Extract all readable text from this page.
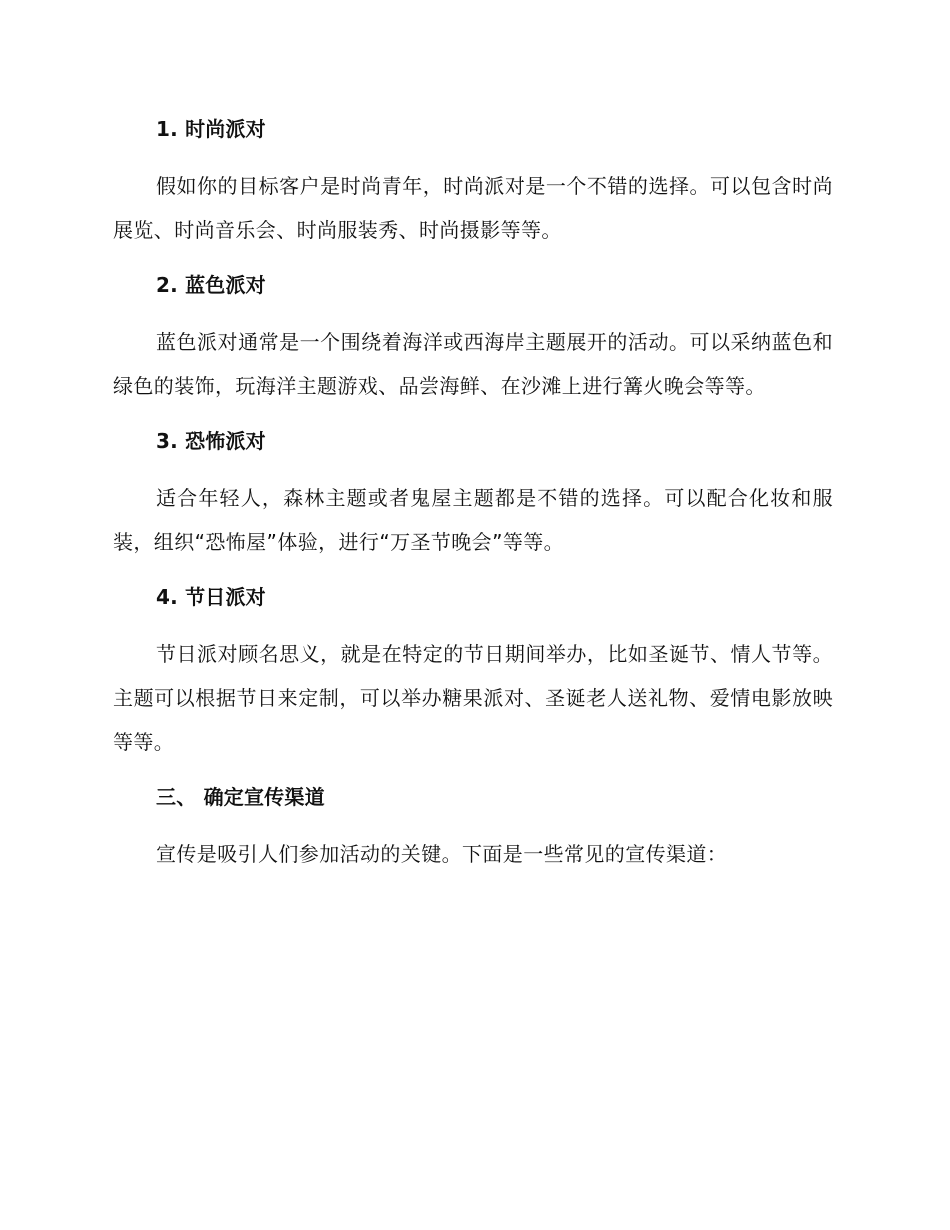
1. 时尚派对

假如你的目标客户是时尚青年，时尚派对是一个不错的选择。可以包含时尚展览、时尚音乐会、时尚服装秀、时尚摄影等等。

2. 蓝色派对

蓝色派对通常是一个围绕着海洋或西海岸主题展开的活动。可以采纳蓝色和绿色的装饰，玩海洋主题游戏、品尝海鲜、在沙滩上进行篝火晚会等等。

3. 恐怖派对

适合年轻人，森林主题或者鬼屋主题都是不错的选择。可以配合化妆和服装，组织“恐怖屋”体验，进行“万圣节晚会”等等。

4. 节日派对

节日派对顾名思义，就是在特定的节日期间举办，比如圣诞节、情人节等。主题可以根据节日来定制，可以举办糖果派对、圣诞老人送礼物、爱情电影放映等等。

三、 确定宣传渠道

宣传是吸引人们参加活动的关键。下面是一些常见的宣传渠道：
